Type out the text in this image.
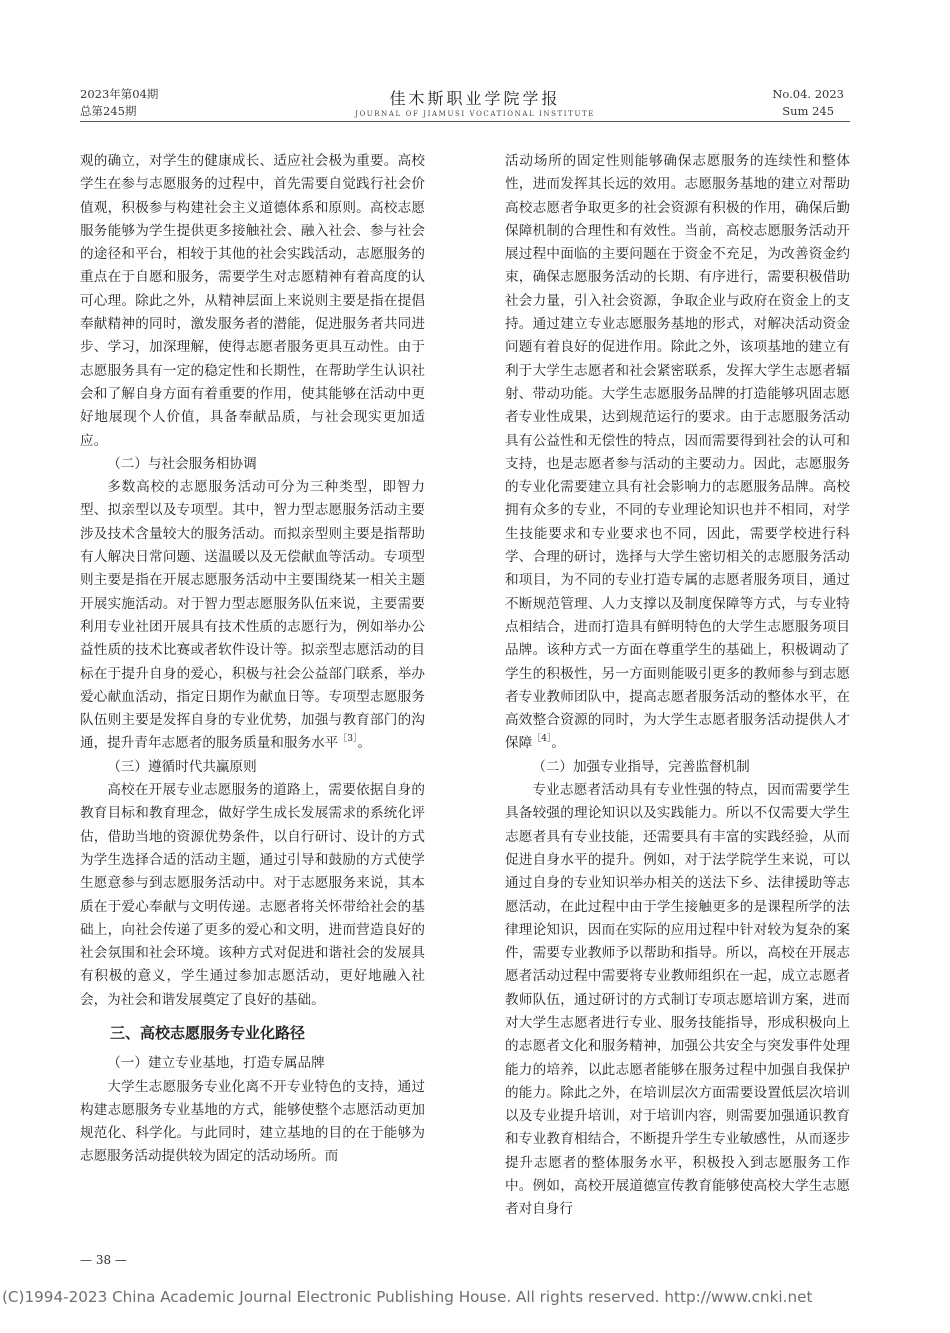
2023年第04期
总第245期
佳木斯职业学院学报
JOURNAL OF JIAMUSI VOCATIONAL INSTITUTE
No.04. 2023
Sum 245

观的确立，对学生的健康成长、适应社会极为重要。高校学生在参与志愿服务的过程中，首先需要自觉践行社会价值观，积极参与构建社会主义道德体系和原则。高校志愿服务能够为学生提供更多接触社会、融入社会、参与社会的途径和平台，相较于其他的社会实践活动，志愿服务的重点在于自愿和服务，需要学生对志愿精神有着高度的认可心理。除此之外，从精神层面上来说则主要是指在提倡奉献精神的同时，激发服务者的潜能，促进服务者共同进步、学习，加深理解，使得志愿者服务更具互动性。由于志愿服务具有一定的稳定性和长期性，在帮助学生认识社会和了解自身方面有着重要的作用，使其能够在活动中更好地展现个人价值，具备奉献品质，与社会现实更加适应。

（二）与社会服务相协调

多数高校的志愿服务活动可分为三种类型，即智力型、拟亲型以及专项型。其中，智力型志愿服务活动主要涉及技术含量较大的服务活动。而拟亲型则主要是指帮助有人解决日常问题、送温暖以及无偿献血等活动。专项型则主要是指在开展志愿服务活动中主要围绕某一相关主题开展实施活动。对于智力型志愿服务队伍来说，主要需要利用专业社团开展具有技术性质的志愿行为，例如举办公益性质的技术比赛或者软件设计等。拟亲型志愿活动的目标在于提升自身的爱心，积极与社会公益部门联系，举办爱心献血活动，指定日期作为献血日等。专项型志愿服务队伍则主要是发挥自身的专业优势，加强与教育部门的沟通，提升青年志愿者的服务质量和服务水平$^{[3]}$。

（三）遵循时代共赢原则

高校在开展专业志愿服务的道路上，需要依据自身的教育目标和教育理念，做好学生成长发展需求的系统化评估，借助当地的资源优势条件，以自行研讨、设计的方式为学生选择合适的活动主题，通过引导和鼓励的方式使学生愿意参与到志愿服务活动中。对于志愿服务来说，其本质在于爱心奉献与文明传递。志愿者将关怀带给社会的基础上，向社会传递了更多的爱心和文明，进而营造良好的社会氛围和社会环境。该种方式对促进和谐社会的发展具有积极的意义，学生通过参加志愿活动，更好地融入社会，为社会和谐发展奠定了良好的基础。

三、高校志愿服务专业化路径
（一）建立专业基地，打造专属品牌

大学生志愿服务专业化离不开专业特色的支持，通过构建志愿服务专业基地的方式，能够使整个志愿活动更加规范化、科学化。与此同时，建立基地的目的在于能够为志愿服务活动提供较为固定的活动场所。而

活动场所的固定性则能够确保志愿服务的连续性和整体性，进而发挥其长远的效用。志愿服务基地的建立对帮助高校志愿者争取更多的社会资源有积极的作用，确保后勤保障机制的合理性和有效性。当前，高校志愿服务活动开展过程中面临的主要问题在于资金不充足，为改善资金约束，确保志愿服务活动的长期、有序进行，需要积极借助社会力量，引入社会资源，争取企业与政府在资金上的支持。通过建立专业志愿服务基地的形式，对解决活动资金问题有着良好的促进作用。除此之外，该项基地的建立有利于大学生志愿者和社会紧密联系，发挥大学生志愿者辐射、带动功能。大学生志愿服务品牌的打造能够巩固志愿者专业性成果，达到规范运行的要求。由于志愿服务活动具有公益性和无偿性的特点，因而需要得到社会的认可和支持，也是志愿者参与活动的主要动力。因此，志愿服务的专业化需要建立具有社会影响力的志愿服务品牌。高校拥有众多的专业，不同的专业理论知识也并不相同，对学生技能要求和专业要求也不同，因此，需要学校进行科学、合理的研讨，选择与大学生密切相关的志愿服务活动和项目，为不同的专业打造专属的志愿者服务项目，通过不断规范管理、人力支撑以及制度保障等方式，与专业特点相结合，进而打造具有鲜明特色的大学生志愿服务项目品牌。该种方式一方面在尊重学生的基础上，积极调动了学生的积极性，另一方面则能吸引更多的教师参与到志愿者专业教师团队中，提高志愿者服务活动的整体水平，在高效整合资源的同时，为大学生志愿者服务活动提供人才保障$^{[4]}$。

（二）加强专业指导，完善监督机制

专业志愿者活动具有专业性强的特点，因而需要学生具备较强的理论知识以及实践能力。所以不仅需要大学生志愿者具有专业技能，还需要具有丰富的实践经验，从而促进自身水平的提升。例如，对于法学院学生来说，可以通过自身的专业知识举办相关的送法下乡、法律援助等志愿活动，在此过程中由于学生接触更多的是课程所学的法律理论知识，因而在实际的应用过程中针对较为复杂的案件，需要专业教师予以帮助和指导。所以，高校在开展志愿者活动过程中需要将专业教师组织在一起，成立志愿者教师队伍，通过研讨的方式制订专项志愿培训方案，进而对大学生志愿者进行专业、服务技能指导，形成积极向上的志愿者文化和服务精神，加强公共安全与突发事件处理能力的培养，以此志愿者能够在服务过程中加强自我保护的能力。除此之外，在培训层次方面需要设置低层次培训以及专业提升培训，对于培训内容，则需要加强通识教育和专业教育相结合，不断提升学生专业敏感性，从而逐步提升志愿者的整体服务水平，积极投入到志愿服务工作中。例如，高校开展道德宣传教育能够使高校大学生志愿者对自身行

— 38 —
(C)1994-2023 China Academic Journal Electronic Publishing House. All rights reserved. http://www.cnki.net
